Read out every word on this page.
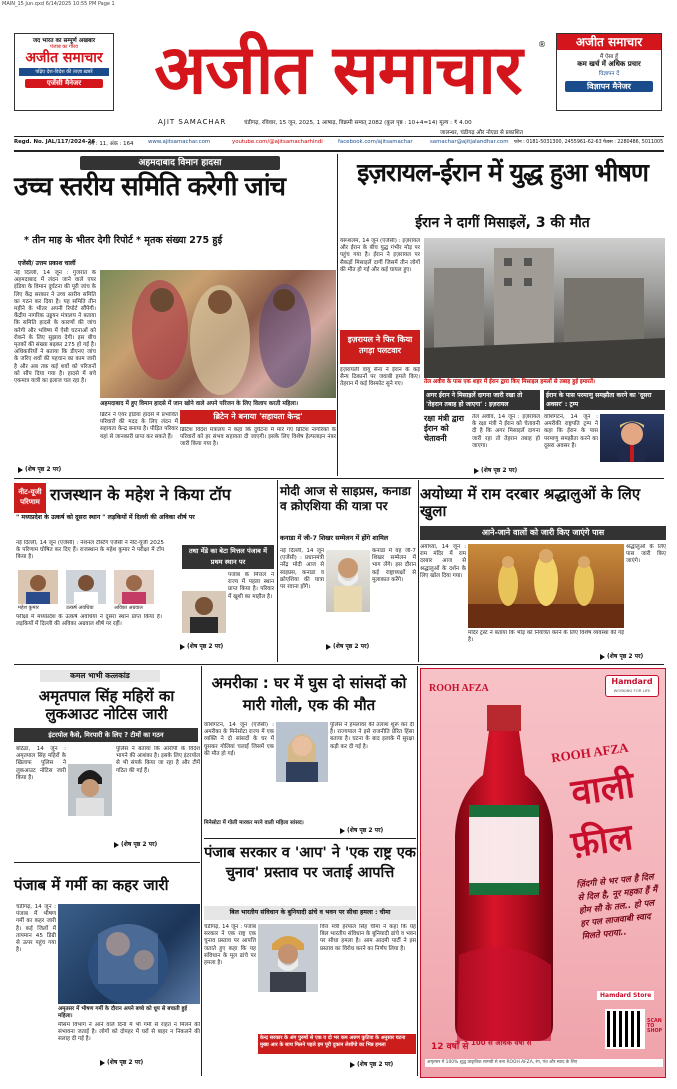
MAIN_15 Jun.qxd 6/14/2025 10:55 PM Page 1
जद भारत का सम्पूर्ण अखबार
पंजाब का गौरव
अजीत समाचार
पढ़िए देश-विदेश की ताज़ा ख़बरें
एजेंसी मैनेजर	अजीत समाचार	®	अजीत समाचार
मैं ऐसा हूँ
कम खर्च में अधिक प्रचार
विज्ञापन दें
विज्ञापन मैनेजर
AJIT SAMACHAR	चंडीगढ़, रविवार, 15 जून, 2025, 1 आषाढ़, विक्रमी सम्वत् 2082 (कुल पृष्ठ : 10+4=14) मूल्य : ₹ 4.00
जालन्धर, चंडीगढ़ और नोएडा से प्रकाशित
Regd. No. JAL/117/2024-26
वर्ष : 11, अंक : 164	www.ajitsamachar.com	youtube.com/@ajitsamacharhindi	facebook.com/ajitsamachar	samachar@ajitjalandhar.com फोन : 0181-5031300, 2455961-62-63 फैक्स : 2280486, 5011005
अहमदाबाद विमान हादसा
उच्च स्तरीय समिति करेगी जांच
* तीन माह के भीतर देगी रिपोर्ट * मृतक संख्या 275 हुई
एजेंसी/ उत्तम प्रकाश चार्ली
नई दिल्ली, 14 जून : गुजरात के अहमदाबाद में लंदन जाने वाले एयर इंडिया के विमान दुर्घटना की पूरी जांच के लिए केंद्र सरकार ने उच्च स्तरीय समिति का गठन कर दिया है। यह समिति तीन महीने के भीतर अपनी रिपोर्ट सौंपेगी। केंद्रीय नागरिक उड्डयन मंत्रालय ने बताया कि समिति हादसे के कारणों की जांच करेगी और भविष्य में ऐसी घटनाओं को रोकने के लिए सुझाव देगी। इस बीच मृतकों की संख्या बढ़कर 275 हो गई है। अधिकारियों ने बताया कि डीएनए जांच के जरिए शवों की पहचान का काम जारी है और अब तक कई शवों को परिजनों को सौंप दिया गया है। हादसे में बचे एकमात्र यात्री का इलाज चल रहा है।
अहमदाबाद में हुए विमान हादसे में जान खोने वाले अपने परिजन के लिए विलाप करती महिला।
ब्रिटेन ने एयर इंडिया हादसे में प्रभावित परिवारों की मदद के लिए लंदन में सहायता केन्द्र बनाया है। पीड़ित परिवार यहां से जानकारी प्राप्त कर सकते हैं।
ब्रिटेन ने बनाया 'सहायता केन्द्र'
ब्रिटिश विदेश मंत्रालय ने कहा कि दुर्घटना में मारे गए ब्रिटिश नागरिकों के परिवारों को हर संभव सहायता दी जाएगी। इसके लिए विशेष हेल्पलाइन नंबर जारी किया गया है।
(शेष पृष्ठ 2 पर)
इज़रायल-ईरान में युद्ध हुआ भीषण
ईरान ने दागीं मिसाइलें, 3 की मौत
यरूशलम, 14 जून (एजेंसी) : इज़रायल और ईरान के बीच युद्ध गंभीर मोड़ पर पहुंच गया है। ईरान ने इज़रायल पर सैकड़ों मिसाइलें दागीं जिसमें तीन लोगों की मौत हो गई और कई घायल हुए।
इज़रायल ने फिर किया तगड़ा पलटवार
इज़रायली वायु सेना ने ईरान के कई सैन्य ठिकानों पर जवाबी हमले किए। तेहरान में कई विस्फोट सुने गए।	तेल अवीव के पास एक शहर में ईरान द्वारा किए मिसाइल हमलों से तबाह हुई इमारतें।
अगर ईरान ने मिसाइलें दागना जारी रखा तो 'तेहरान तबाह हो जाएगा' : इज़रायल
रक्षा मंत्री द्वारा ईरान को चेतावनी
तेल अवीव, 14 जून : इज़रायल के रक्षा मंत्री ने ईरान को चेतावनी दी है कि अगर मिसाइलें दागना जारी रहा तो तेहरान तबाह हो जाएगा।
ईरान के पास परमाणु समझौता करने का 'दूसरा अवसर' : ट्रम्प
वाशिंगटन, 14 जून : अमरीकी राष्ट्रपति ट्रम्प ने कहा कि ईरान के पास परमाणु समझौता करने का दूसरा अवसर है।
(शेष पृष्ठ 2 पर)
नीट-यूजी परिणाम राजस्थान के महेश ने किया टॉप
" मध्यप्रदेश के उत्कर्ष को दूसरा स्थान " लड़कियों में दिल्ली की अविका शीर्ष पर
नई दिल्ली, 14 जून (एजेंसी) : नेशनल टेस्टिंग एजेंसी ने नीट-यूजी 2025 के परिणाम घोषित कर दिए हैं। राजस्थान के महेश कुमार ने परीक्षा में टॉप किया है।
महेश कुमार	उत्कर्ष अवधिया	अविका अग्रवाल
परीक्षा में मध्यप्रदेश के उत्कर्ष अवधिया ने दूसरा स्थान प्राप्त किया है। लड़कियों में दिल्ली की अविका अग्रवाल शीर्ष पर रहीं।
तथा मेंडे का बेटा मित्तल पंजाब में प्रथम स्थान पर
पंजाब के मित्तल ने राज्य में पहला स्थान प्राप्त किया है। परिवार में खुशी का माहौल है।
(शेष पृष्ठ 2 पर)
मोदी आज से साइप्रस, कनाडा व क्रोएशिया की यात्रा पर
कनाडा में जी-7 शिखर सम्मेलन में होंगे शामिल
नई दिल्ली, 14 जून (एजेंसी) : प्रधानमंत्री नरेंद्र मोदी आज से साइप्रस, कनाडा व क्रोएशिया की यात्रा पर रवाना होंगे।
कनाडा में वह जी-7 शिखर सम्मेलन में भाग लेंगे। इस दौरान कई राष्ट्राध्यक्षों से मुलाकात करेंगे।
(शेष पृष्ठ 2 पर)
अयोध्या में राम दरबार श्रद्धालुओं के लिए खुला
आने-जाने वालों को जारी किए जाएंगे पास
अयोध्या, 14 जून : राम मंदिर में राम दरबार आज से श्रद्धालुओं के दर्शन के लिए खोल दिया गया।
श्रद्धालुओं के लिए पास जारी किए जाएंगे।
मंदिर ट्रस्ट ने बताया कि भीड़ को नियंत्रित करने के लिए विशेष व्यवस्था की गई है।
(शेष पृष्ठ 2 पर)
कमल भाभी कत्लकांड
अमृतपाल सिंह महिरों का लुकआउट नोटिस जारी
इंटरपोल कैसे, मिरपारी के लिए ? टीमों का गठन
बठिंडा, 14 जून : अमृतपाल सिंह महिरों के खिलाफ पुलिस ने लुकआउट नोटिस जारी किया है।
पुलिस ने बताया कि आरोपी के विदेश भागने की आशंका है। इसके लिए इंटरपोल से भी संपर्क किया जा रहा है और टीमें गठित की गई हैं।
(शेष पृष्ठ 2 पर)
अमरीका : घर में घुस दो सांसदों को मारी गोली, एक की मौत
वाशिंगटन, 14 जून (एजेंसी) : अमरीका के मिनेसोटा राज्य में एक व्यक्ति ने दो सांसदों के घर में घुसकर गोलियां चलाईं जिसमें एक की मौत हो गई।
मिनेसोटा में गोली मारकर मरने वाली महिला सांसद।
पुलिस ने हमलावर की तलाश शुरू कर दी है। राज्यपाल ने इसे राजनीति प्रेरित हिंसा बताया है। घटना के बाद इलाके में सुरक्षा कड़ी कर दी गई है।
(शेष पृष्ठ 2 पर)
पंजाब सरकार व 'आप' ने 'एक राष्ट्र एक चुनाव' प्रस्ताव पर जताई आपत्ति
बिल भारतीय संविधान के बुनियादी ढांचे व भवन पर सीधा हमला : चीमा
चंडीगढ़, 14 जून : पंजाब सरकार ने एक राष्ट्र एक चुनाव प्रस्ताव पर आपत्ति जताते हुए कहा कि यह संविधान के मूल ढांचे पर हमला है।
वित्त मंत्री हरपाल सिंह चीमा ने कहा कि यह बिल भारतीय संविधान के बुनियादी ढांचे व भवन पर सीधा हमला है। आम आदमी पार्टी ने इस प्रस्ताव का विरोध करने का निर्णय लिया है।
केन्द्र सरकार के अंग पुरुषों से एक व दो भर कम अरुण कुटिया के अनुसार घटना मुख्य आर के साथ मिलने पहले हम पूरी दुकान लेशॉपो का भिन्न हमला
(शेष पृष्ठ 2 पर)
पंजाब में गर्मी का कहर जारी
चंडीगढ़, 14 जून : पंजाब में भीषण गर्मी का कहर जारी है। कई जिलों में तापमान 45 डिग्री से ऊपर पहुंच गया है।
अमृतसर में भीषण गर्मी के दौरान अपने बच्चे को धूप से बचाती हुई महिला।
मौसम विभाग ने आने वाले दिनों में भी गर्मी से राहत न मिलने की संभावना जताई है। लोगों को दोपहर में घरों से बाहर न निकलने की सलाह दी गई है।
(शेष पृष्ठ 2 पर)
ROOH AFZA
Hamdard
WORKING FOR LIFE
ROOH AFZA
वाली
फ़ील
ज़िंदगी से भर पल है दिल से दिल है, नूर महका हैं मैं होम सौ के तल.. हो पल हर पल लाजवाबी स्वाद मिलते पराया..
ROOH AFZA
12 वर्षों से 100 से अधिक वर्षों से
Hamdard Store
SCAN TO SHOP
अमृतसर में 100% शुद्ध प्राकृतिक सामग्री से बना ROOH AFZA, रंग, गंध और स्वाद के लिए
